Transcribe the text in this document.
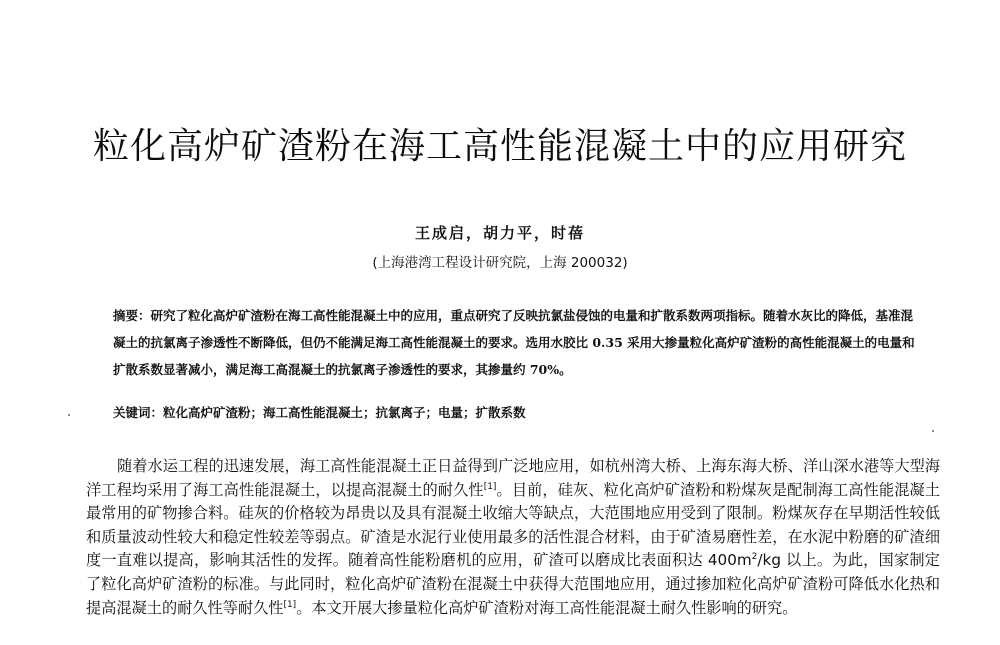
粒化高炉矿渣粉在海工高性能混凝土中的应用研究
王成启，胡力平，时蓓
(上海港湾工程设计研究院，上海 200032)
摘要：研究了粒化高炉矿渣粉在海工高性能混凝土中的应用，重点研究了反映抗氯盐侵蚀的电量和扩散系数两项指标。随着水灰比的降低，基准混凝土的抗氯离子渗透性不断降低，但仍不能满足海工高性能混凝土的要求。选用水胶比 0.35 采用大掺量粒化高炉矿渣粉的高性能混凝土的电量和扩散系数显著减小，满足海工高混凝土的抗氯离子渗透性的要求，其掺量约 70%。
关键词：粒化高炉矿渣粉；海工高性能混凝土；抗氯离子；电量；扩散系数
随着水运工程的迅速发展，海工高性能混凝土正日益得到广泛地应用，如杭州湾大桥、上海东海大桥、洋山深水港等大型海洋工程均采用了海工高性能混凝土，以提高混凝土的耐久性[1]。目前，硅灰、粒化高炉矿渣粉和粉煤灰是配制海工高性能混凝土最常用的矿物掺合料。硅灰的价格较为昂贵以及具有混凝土收缩大等缺点，大范围地应用受到了限制。粉煤灰存在早期活性较低和质量波动性较大和稳定性较差等弱点。矿渣是水泥行业使用最多的活性混合材料，由于矿渣易磨性差，在水泥中粉磨的矿渣细度一直难以提高，影响其活性的发挥。随着高性能粉磨机的应用，矿渣可以磨成比表面积达 $400m^2/kg$ 以上。为此，国家制定了粒化高炉矿渣粉的标准。与此同时，粒化高炉矿渣粉在混凝土中获得大范围地应用，通过掺加粒化高炉矿渣粉可降低水化热和提高混凝土的耐久性等耐久性[1]。本文开展大掺量粒化高炉矿渣粉对海工高性能混凝土耐久性影响的研究。
